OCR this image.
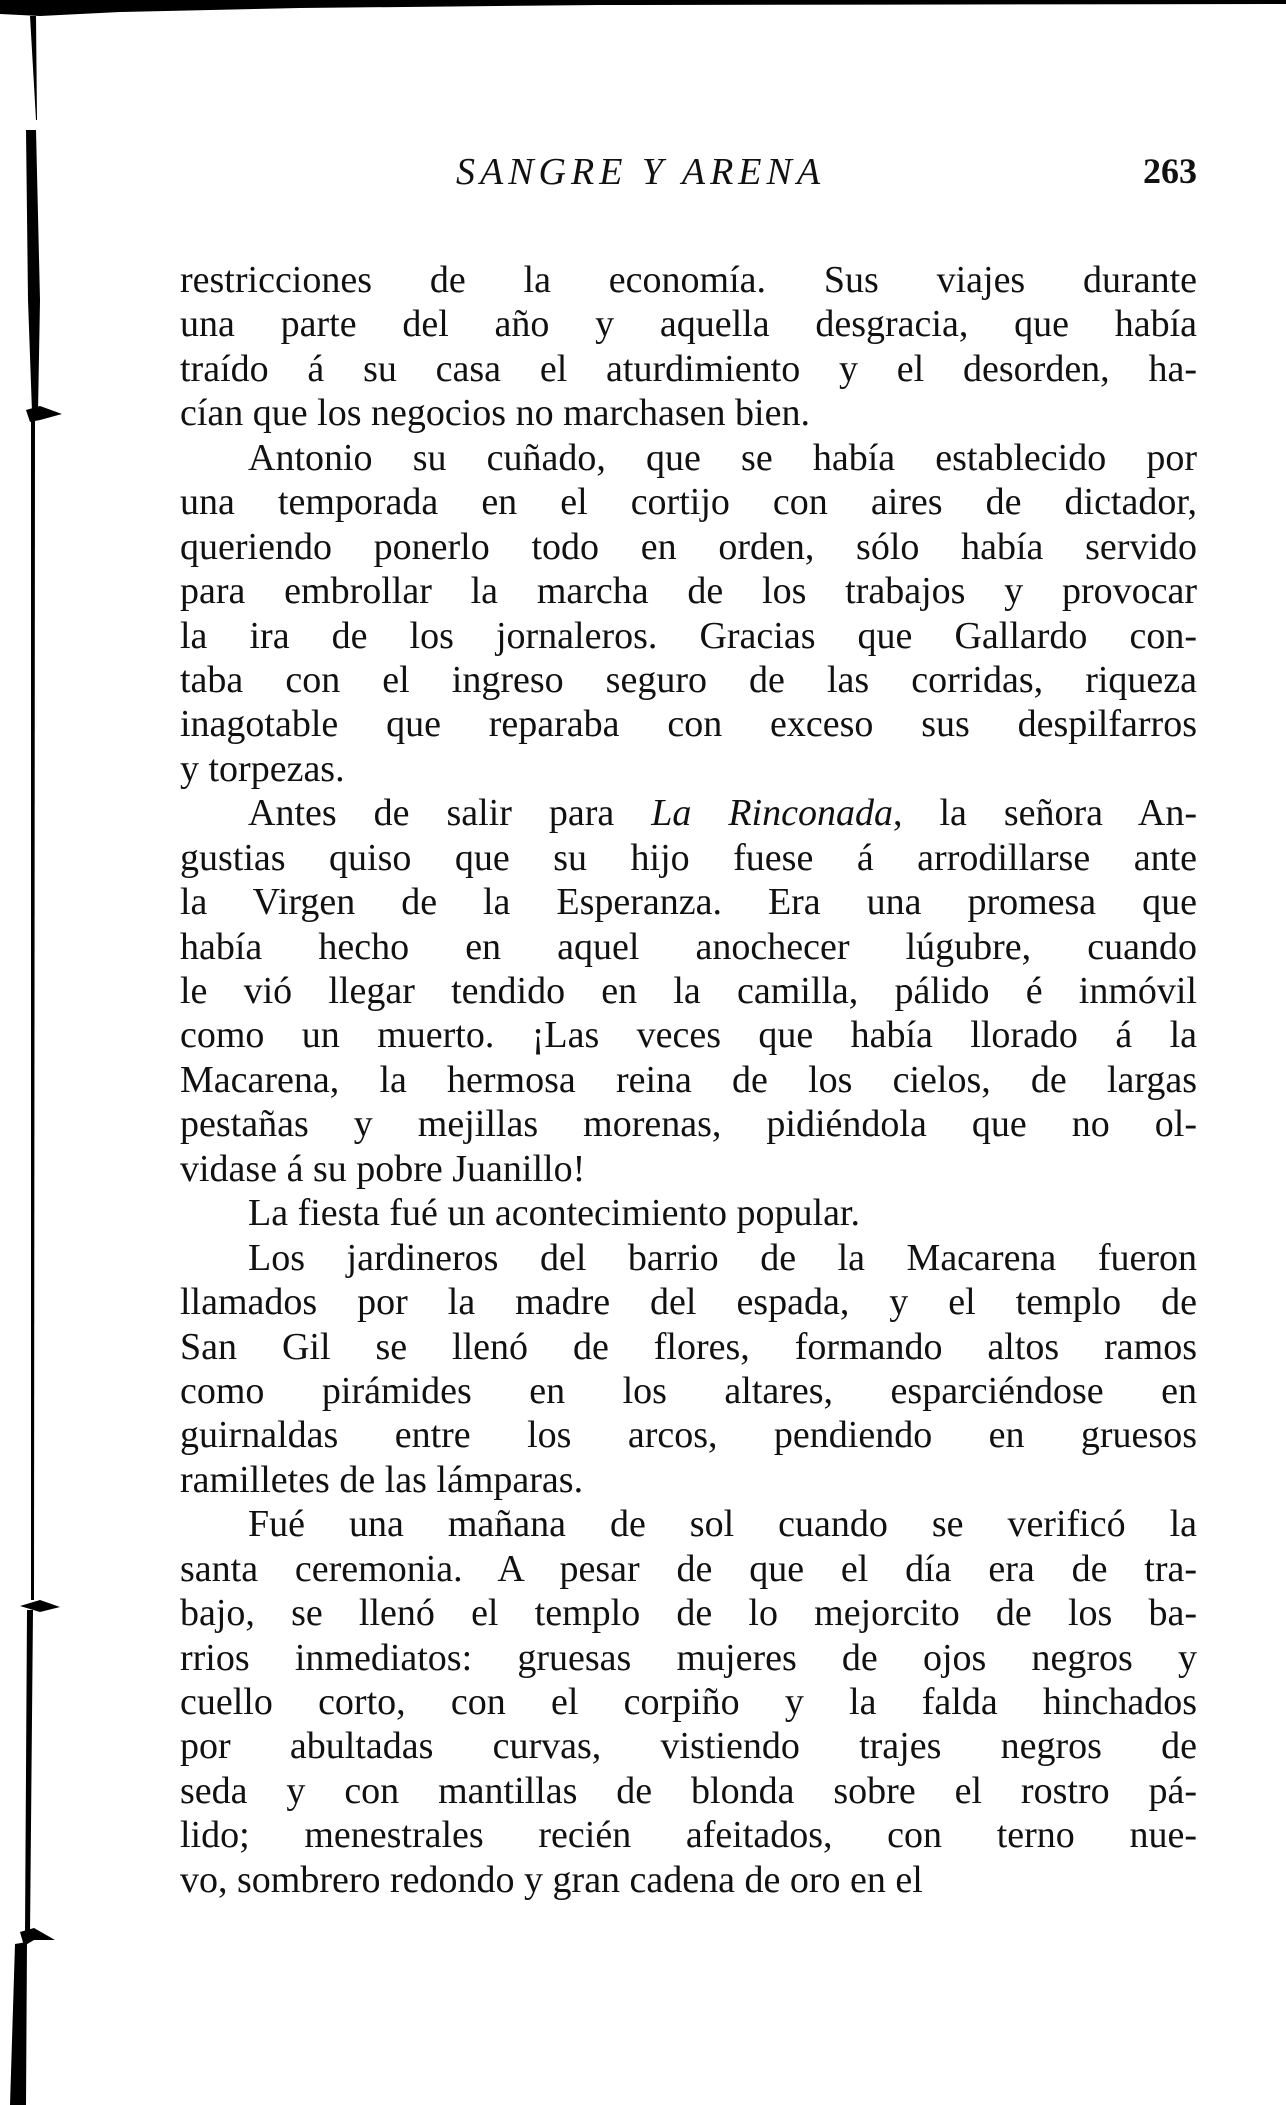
SANGRE Y ARENA	263
restricciones de la economía. Sus viajes durante
una parte del año y aquella desgracia, que había
traído á su casa el aturdimiento y el desorden, ha-
cían que los negocios no marchasen bien.
Antonio su cuñado, que se había establecido por
una temporada en el cortijo con aires de dictador,
queriendo ponerlo todo en orden, sólo había servido
para embrollar la marcha de los trabajos y provocar
la ira de los jornaleros. Gracias que Gallardo con-
taba con el ingreso seguro de las corridas, riqueza
inagotable que reparaba con exceso sus despilfarros
y torpezas.
Antes de salir para La Rinconada, la señora An-
gustias quiso que su hijo fuese á arrodillarse ante
la Virgen de la Esperanza. Era una promesa que
había hecho en aquel anochecer lúgubre, cuando
le vió llegar tendido en la camilla, pálido é inmóvil
como un muerto. ¡Las veces que había llorado á la
Macarena, la hermosa reina de los cielos, de largas
pestañas y mejillas morenas, pidiéndola que no ol-
vidase á su pobre Juanillo!
La fiesta fué un acontecimiento popular.
Los jardineros del barrio de la Macarena fueron
llamados por la madre del espada, y el templo de
San Gil se llenó de flores, formando altos ramos
como pirámides en los altares, esparciéndose en
guirnaldas entre los arcos, pendiendo en gruesos
ramilletes de las lámparas.
Fué una mañana de sol cuando se verificó la
santa ceremonia. A pesar de que el día era de tra-
bajo, se llenó el templo de lo mejorcito de los ba-
rrios inmediatos: gruesas mujeres de ojos negros y
cuello corto, con el corpiño y la falda hinchados
por abultadas curvas, vistiendo trajes negros de
seda y con mantillas de blonda sobre el rostro pá-
lido; menestrales recién afeitados, con terno nue-
vo, sombrero redondo y gran cadena de oro en el
